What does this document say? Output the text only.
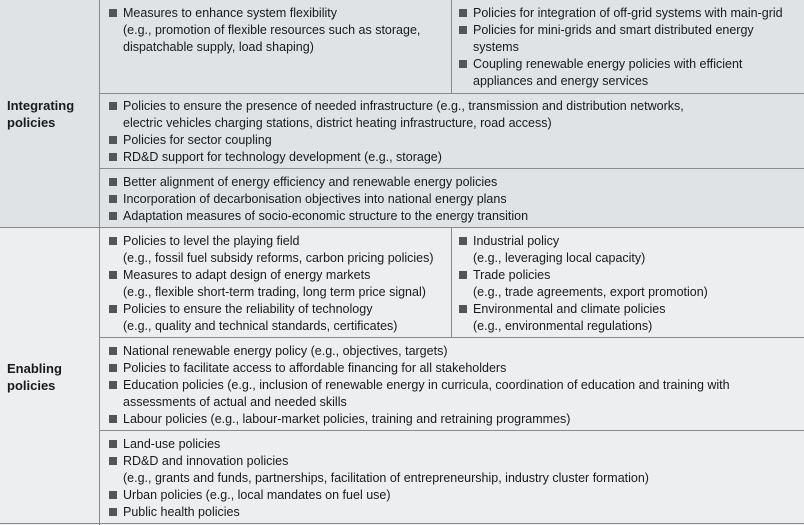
Integrating
policies
Measures to enhance system flexibility
(e.g., promotion of flexible resources such as storage,
dispatchable supply, load shaping)
Policies for integration of off-grid systems with main-grid
Policies for mini-grids and smart distributed energy
systems
Coupling renewable energy policies with efficient
appliances and energy services
Policies to ensure the presence of needed infrastructure (e.g., transmission and distribution networks,
electric vehicles charging stations, district heating infrastructure, road access)
Policies for sector coupling
RD&D support for technology development (e.g., storage)
Better alignment of energy efficiency and renewable energy policies
Incorporation of decarbonisation objectives into national energy plans
Adaptation measures of socio-economic structure to the energy transition
Enabling
policies
Policies to level the playing field
(e.g., fossil fuel subsidy reforms, carbon pricing policies)
Measures to adapt design of energy markets
(e.g., flexible short-term trading, long term price signal)
Policies to ensure the reliability of technology
(e.g., quality and technical standards, certificates)
Industrial policy
(e.g., leveraging local capacity)
Trade policies
(e.g., trade agreements, export promotion)
Environmental and climate policies
(e.g., environmental regulations)
National renewable energy policy (e.g., objectives, targets)
Policies to facilitate access to affordable financing for all stakeholders
Education policies (e.g., inclusion of renewable energy in curricula, coordination of education and training with
assessments of actual and needed skills
Labour policies (e.g., labour-market policies, training and retraining programmes)
Land-use policies
RD&D and innovation policies
(e.g., grants and funds, partnerships, facilitation of entrepreneurship, industry cluster formation)
Urban policies (e.g., local mandates on fuel use)
Public health policies
